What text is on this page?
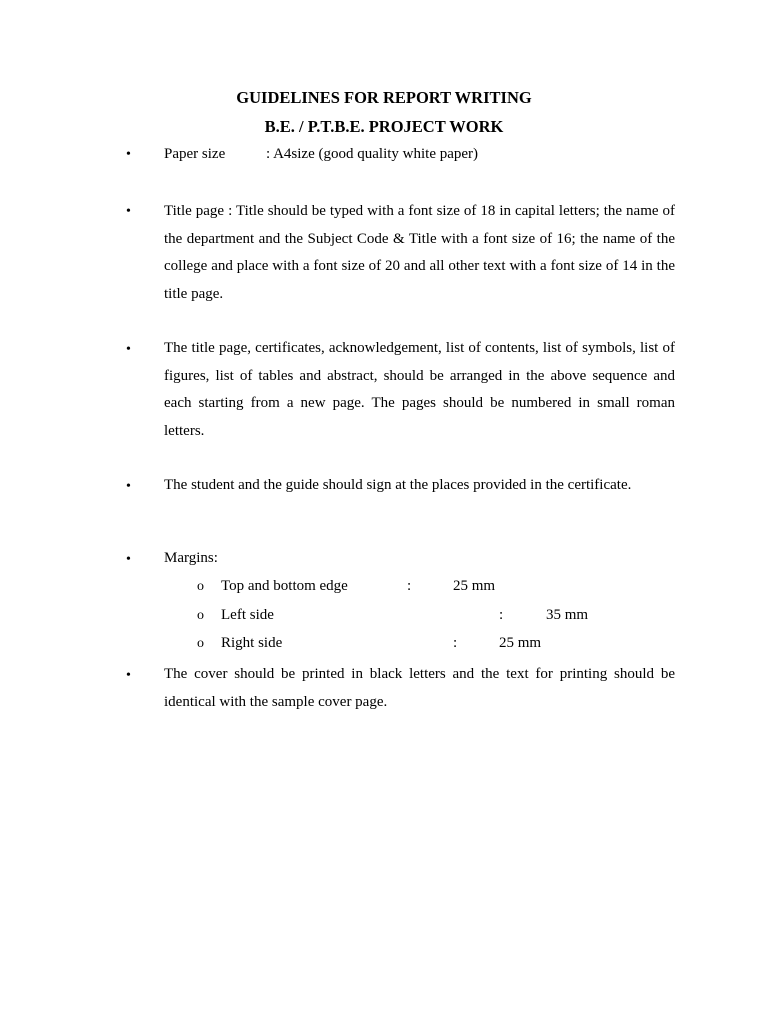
GUIDELINES FOR REPORT WRITING
B.E. / P.T.B.E. PROJECT WORK
• Paper size	: A4size (good quality white paper)
• Title page : Title should be typed with a font size of 18 in capital letters; the name of the department and the Subject Code & Title with a font size of 16; the name of the college and place with a font size of 20 and all other text with a font size of 14 in the title page.
• The title page, certificates, acknowledgement, list of contents, list of symbols, list of figures, list of tables and abstract, should be arranged in the above sequence and each starting from a new page. The pages should be numbered in small roman letters.
• The student and the guide should sign at the places provided in the certificate.
• Margins:
o Top and bottom edge	:	25 mm
o Left side	:	35 mm
o Right side	:	25 mm
• The cover should be printed in black letters and the text for printing should be identical with the sample cover page.
